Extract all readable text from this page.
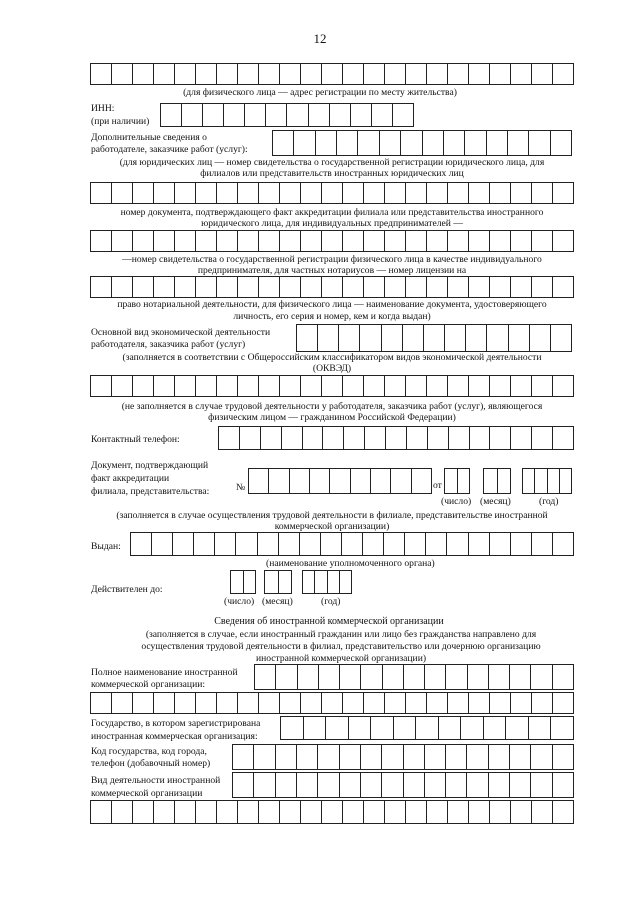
12
(для физического лица — адрес регистрации по месту жительства)
ИНН:
(при наличии)
Дополнительные сведения о
работодателе, заказчике работ (услуг):
(для юридических лиц — номер свидетельства о государственной регистрации юридического лица, для
филиалов или представительств иностранных юридических лиц
номер документа, подтверждающего факт аккредитации филиала или представительства иностранного
юридического лица, для индивидуальных предпринимателей —
—номер свидетельства о государственной регистрации физического лица в качестве индивидуального
предпринимателя, для частных нотариусов — номер лицензии на
право нотариальной деятельности, для физического лица — наименование документа, удостоверяющего
личность, его серия и номер, кем и когда выдан)
Основной вид экономической деятельности
работодателя, заказчика работ (услуг)
(заполняется в соответствии с Общероссийским классификатором видов экономической деятельности
(ОКВЭД)
(не заполняется в случае трудовой деятельности у работодателя, заказчика работ (услуг), являющегося
физическим лицом — гражданином Российской Федерации)
Контактный телефон:
Документ, подтверждающий
факт аккредитации
филиала, представительства:	№	от
(число) (месяц)	(год)
(заполняется в случае осуществления трудовой деятельности в филиале, представительстве иностранной
коммерческой организации)
Выдан:
(наименование уполномоченного органа)
Действителен до:
(число) (месяц)	(год)
Сведения об иностранной коммерческой организации
(заполняется в случае, если иностранный гражданин или лицо без гражданства направлено для
осуществления трудовой деятельности в филиал, представительство или дочернюю организацию
иностранной коммерческой организации)
Полное наименование иностранной
коммерческой организации:
Государство, в котором зарегистрирована
иностранная коммерческая организация:
Код государства, код города,
телефон (добавочный номер)
Вид деятельности иностранной
коммерческой организации
